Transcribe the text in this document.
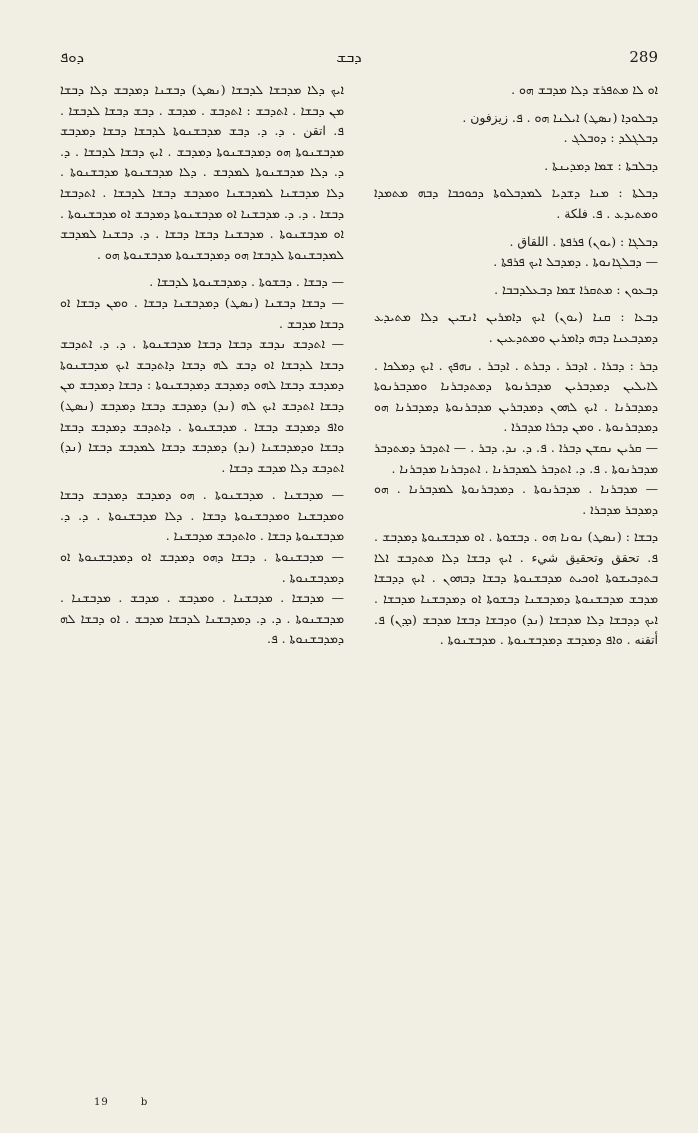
ܕܘܦ	ܕܒܫ	289

ܐܘ ܠܐ ܡܬܦܪܫ ܕܠܐ ܡܕܒܫ ܗܘ .

ܕܒܠܘܕܐ (ܢܣܛ) ܐܝܠܢܐ ܗܘ . ܦ. زيزفون .

ܕܒܠܓܠܕ : ܕܘܒܠܓ .

ܕܒܠܒܬܐ : ܫܡܐ ܕܡܕܝܢܬܐ .

ܕܒܠܬܐ : ܡܢܐ ܕܫܕܝܐ ܠܡܕܒܠܘܬܐ ܕܟܘܟܒܐ ܕܒܗ ܡܬܡܕܐ ܘܡܬܝܕܥ . ܦ. فلكة .

ܕܒܠܓܐ : (ܝܘܢ) ܦܪܦܬܐ . اللقاق .

— ܕܒܠܓܐܢܘܬܐ . ܕܡܕܒܠ ܐܝܟ ܦܪܦܬܐ .

ܕܒܥܘܢ : ܡܬܩܪܐ ܫܡܐ ܕܒܥܠܕܒܒܐ .

ܕܒܥܐ : ܩܢܐ (ܝܘܢ) ܐܝܟ ܕܐܡܪܝܢ ܐܢܫܝܢ ܕܠܐ ܡܬܝܕܥ ܕܡܕܒܥܢܐ ܕܒܗ ܕܐܡܪܝܢ ܘܡܬܕܥܝܢ .

ܕܒܪ : ܕܒܪܐ . ܐܕܒܪ . ܕܒܪܬ . ܐܕܒܪ . ܢܗܦܟ . ܐܝܟ ܕܡܠܟܐ . ܠܐܝܠܝܢ ܕܡܕܒܪܝܢ ܡܕܒܪܢܘܬܐ ܕܡܬܕܒܪܢܐ ܘܡܕܒܪܢܘܬܐ ܕܡܕܒܪܢܐ . ܐܝܟ ܠܗܘܢ ܕܡܕܒܪܝܢ ܡܕܒܪܢܘܬܐ ܕܡܕܒܪܢܐ ܗܘ ܕܡܕܒܪܢܘܬܐ . ܘܡܢ ܕܒܪܐ ܡܕܒܪܐ .

— ܩܪܝܢ ܢܩܫܢ ܕܒܪܐ . ܦ. ܕ. ܢܕ. ܕܒܪ . — ܐܬܕܒܪ ܕܡܬܕܒܪ ܡܕܒܪܢܘܬܐ . ܦ. ܕ. ܐܬܕܒܪ ܠܡܕܒܪܢܐ . ܐܬܕܒܪܢܐ ܡܕܒܪܢܐ .

— ܡܕܒܪܢܐ . ܡܕܒܪܢܘܬܐ . ܕܡܕܒܪܢܘܬܐ ܠܡܕܒܪܢܐ . ܗܘ ܕܡܕܒܪ ܡܕܒܪܐ .

ܕܒܫܐ : (ܢܣܛ) ܢܘܢܐ ܗܘ . ܕܒܫܘܬܐ . ܐܘ ܡܕܒܫܢܘܬܐ ܕܡܕܒܫ . ܦ. تحقق وتحقيق شيء . ܐܝܟ ܕܒܫܐ ܕܠܐ ܡܬܕܒܫ ܐܠܐ ܒܬܕܒܝܫܘܬܐ ܐܘܟܝܬ ܡܕܒܫܢܘܬܐ ܕܒܫܐ ܕܒܗܘܢ . ܐܝܟ ܕܕܒܫܐ ܡܕܒܫ ܡܕܒܫܢܘܬܐ ܕܡܕܒܫܢܐ ܕܒܫܘܬܐ ܐܘ ܕܡܕܒܫܢܐ ܡܕܒܫܐ . ܐܝܟ ܕܕܒܫܐ ܕܠܐ ܡܕܒܫܐ (ܢܕ) ܘܕܒܫܐ ܕܒܫܐ ܡܕܒܫ (ܕܕܢ) ܦ. أتقنه . ܘܐܦ ܕܡܕܒܫ ܕܡܕܒܫܢܘܬܐ . ܡܕܒܫܢܘܬܐ .

ܐܝܟ ܕܠܐ ܡܕܒܫܐ ܠܕܒܫܐ (ܢܣܛ) ܕܒܫܢܐ ܕܡܕܒܫ ܕܠܐ ܕܒܫܐ ܡܢ ܕܒܫܐ . ܐܬܕܒܫ : ܐܬܕܒܫ . ܡܕܒܫ . ܕܒܫ ܕܒܫܐ ܠܕܒܫܐ . ܦ. اتقن . ܕ. ܕ. ܕܒܫ ܡܕܒܫܢܘܬܐ ܠܕܒܫܐ ܕܒܫܐ ܕܡܕܒܫ ܡܕܒܫܢܘܬܐ ܗܘ ܕܡܕܒܫܢܘܬܐ ܕܡܕܒܫ . ܐܝܟ ܕܒܫܐ ܠܕܒܫܐ . ܕ. ܕ. ܕܠܐ ܡܕܒܫܢܘܬܐ ܠܡܕܒܫ . ܕܠܐ ܡܕܒܫܢܘܬܐ ܡܕܒܫܢܘܬܐ . ܕܠܐ ܡܕܒܫܢܐ ܠܡܕܒܫܢܐ ܘܡܕܒܫ ܕܒܫܐ ܠܕܒܫܐ . ܐܬܕܒܫܐ ܕܒܫܐ . ܕ. ܕ. ܡܕܒܫܢܐ ܐܘ ܡܕܒܫܢܘܬܐ ܕܡܕܒܫ ܐܘ ܡܕܒܫܢܘܬܐ . ܐܘ ܡܕܒܫܢܘܬܐ . ܡܕܒܫܢܐ ܕܒܫܐ ܕܒܫܐ . ܕ. ܕܒܫܢܐ ܠܡܕܒܫ ܠܡܕܒܫܢܘܬܐ ܠܕܒܫܐ ܗܘ ܕܡܕܒܫܢܘܬܐ ܡܕܒܫܢܘܬܐ ܗܘ .

— ܕܒܫܐ . ܕܒܫܘܬܐ . ܕܡܕܒܫܢܘܬܐ ܠܕܒܫܐ .

— ܕܒܫܐ ܕܒܫܢܐ (ܢܣܛ) ܕܡܕܒܫܢܐ ܕܒܫܐ . ܘܡܢ ܕܒܫܐ ܐܘ ܕܒܫܐ ܡܕܒܫ .

— ܐܬܕܒܫ ܢܕܒܫ ܕܒܫܐ ܕܒܫܐ ܡܕܒܫܢܘܬܐ . ܕ. ܕ. ܐܬܕܒܫ ܕܒܫܐ ܠܕܒܫܐ ܐܘ ܕܒܫ ܠܗ ܕܒܫܐ ܕܐܬܕܒܫ ܐܝܟ ܡܕܒܫܢܘܬܐ ܕܡܕܒܫ ܕܒܫܐ ܠܗܘ ܕܡܕܒܫ ܕܡܕܒܫܢܘܬܐ : ܕܒܫܐ ܕܡܕܒܫ ܡܢ ܕܒܫܐ ܐܬܕܒܫ ܐܝܟ ܠܗ (ܢܕ) ܕܡܕܒܫ ܕܒܫܐ ܕܡܕܒܫ (ܢܣܛ) ܘܐܦ ܕܡܕܒܫ ܕܒܫܐ . ܡܕܒܫܢܘܬܐ . ܕܐܬܕܒܫ ܕܡܕܒܫ ܕܒܫܐ ܕܒܫܐ ܘܕܡܕܒܫܢܐ (ܢܕ) ܕܡܕܒܫ ܕܒܫܐ ܠܡܕܒܫ ܕܒܫܐ (ܢܕ) ܐܬܕܒܫ ܕܠܐ ܡܕܒܫ ܕܒܫܐ .

— ܡܕܒܫܢܐ . ܡܕܒܫܢܘܬܐ . ܗܘ ܕܡܕܒܫ ܕܡܕܒܫ ܕܒܫܐ ܘܡܕܒܫܢܐ ܘܡܕܒܫܢܘܬܐ ܕܒܫܐ . ܕܠܐ ܡܕܒܫܢܘܬܐ . ܕ. ܕ. ܡܕܒܫܢܘܬܐ ܕܒܫܐ . ܘܐܬܕܒܫ ܡܕܒܫܢܐ .

— ܡܕܒܫܢܘܬܐ . ܕܒܫܐ ܕܗܘ ܕܡܕܒܫ ܐܘ ܕܡܕܒܫܢܘܬܐ ܐܘ ܕܡܕܒܫܢܘܬܐ .

— ܡܕܒܫܐ . ܡܕܒܫܢܐ . ܘܡܕܒܫ . ܡܕܒܫ . ܡܕܒܫܢܐ . ܡܕܒܫܢܘܬܐ . ܕ. ܕ. ܕܡܕܒܫܢܐ ܠܕܒܫܐ ܡܕܒܫ . ܐܘ ܕܒܫܐ ܠܗ ܕܡܕܒܫܢܘܬܐ . ܦ.

19	b
